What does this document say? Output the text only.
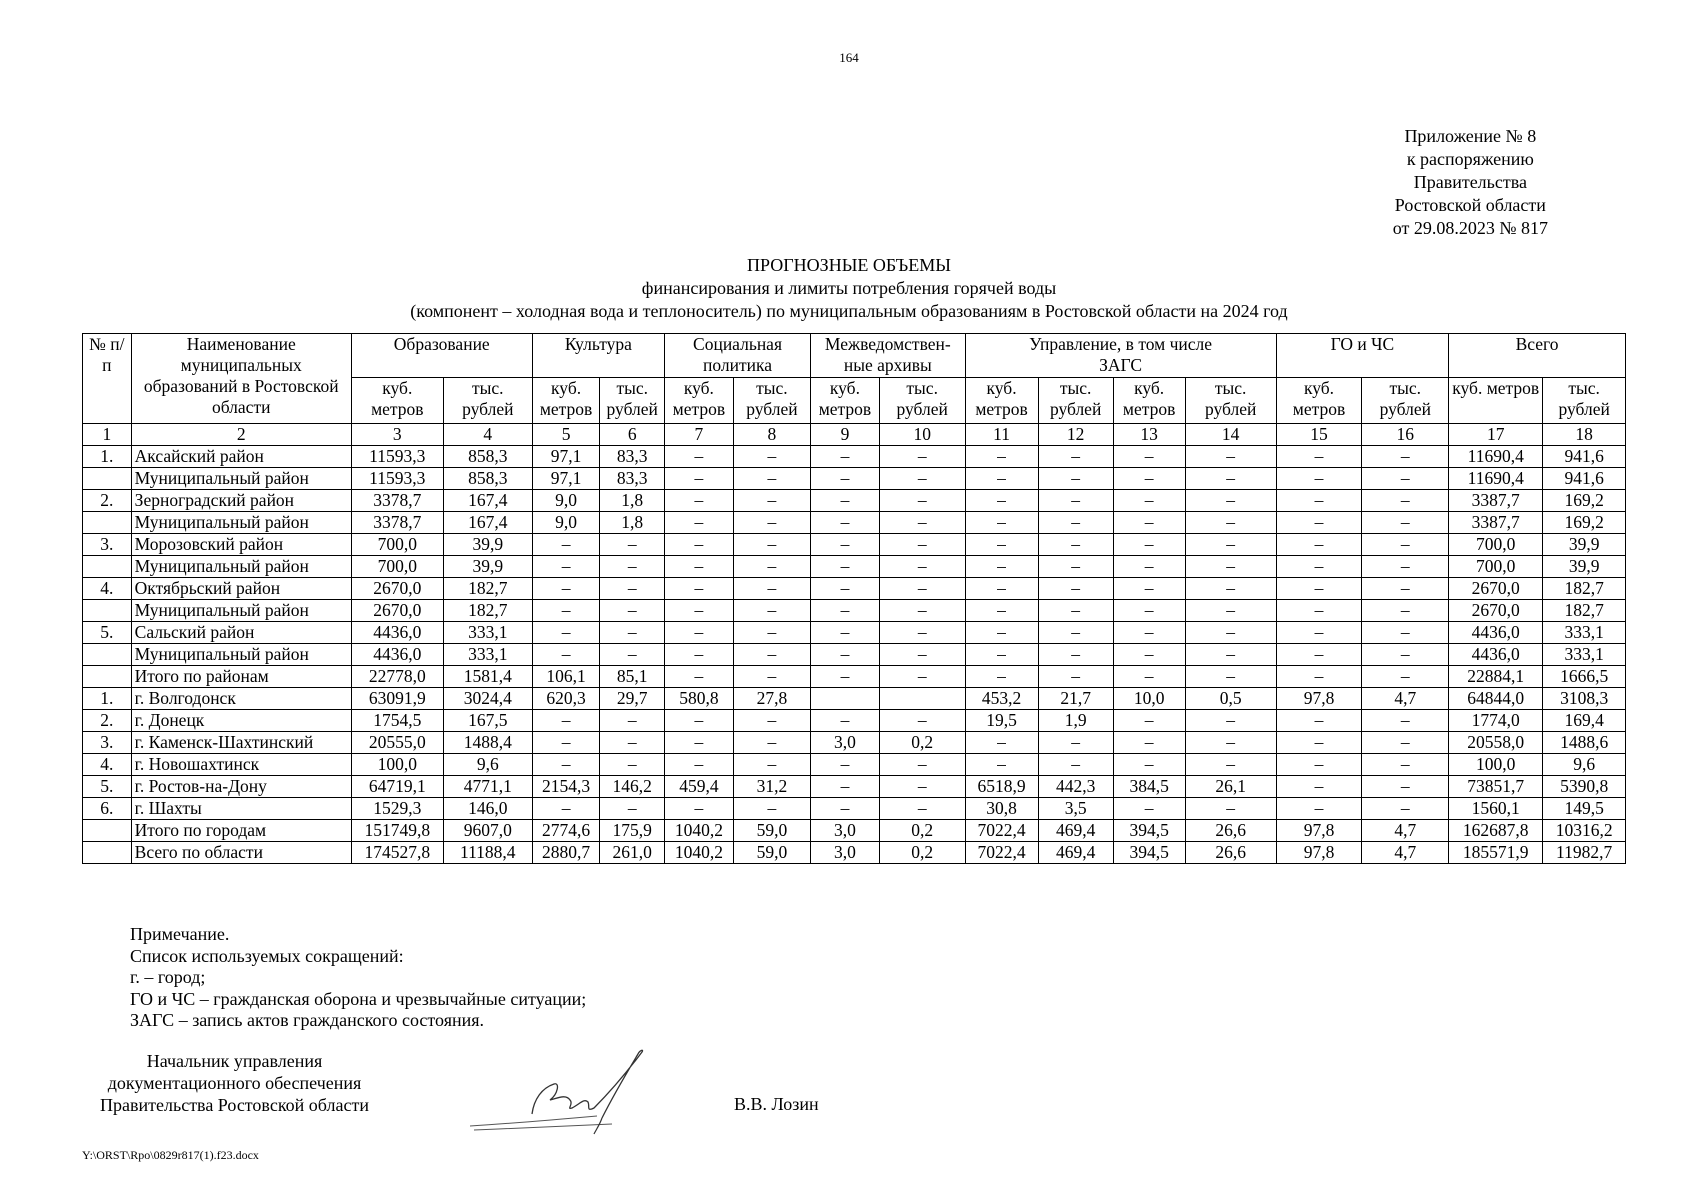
164
Приложение № 8
к распоряжению
Правительства
Ростовской области
от 29.08.2023 № 817
ПРОГНОЗНЫЕ ОБЪЕМЫ
финансирования и лимиты потребления горячей воды
(компонент – холодная вода и теплоноситель) по муниципальным образованиям в Ростовской области на 2024 год
№ п/п	Наименование муниципальных образований в Ростовской области	Образование		Культура		Социальная политика		Межведомствен-ные архивы		Управление, в том числе ЗАГС				ГО и ЧС		Всего	
		куб. метров	тыс. рублей	куб. метров	тыс. рублей	куб. метров	тыс. рублей	куб. метров	тыс. рублей	куб. метров	тыс. рублей	куб. метров	тыс. рублей	куб. метров	тыс. рублей	куб. метров	тыс. рублей
1	2	3	4	5	6	7	8	9	10	11	12	13	14	15	16	17	18
1.	Аксайский район	11593,3	858,3	97,1	83,3	–	–	–	–	–	–	–	–	–	–	11690,4	941,6
	Муниципальный район	11593,3	858,3	97,1	83,3	–	–	–	–	–	–	–	–	–	–	11690,4	941,6
2.	Зерноградский район	3378,7	167,4	9,0	1,8	–	–	–	–	–	–	–	–	–	–	3387,7	169,2
	Муниципальный район	3378,7	167,4	9,0	1,8	–	–	–	–	–	–	–	–	–	–	3387,7	169,2
3.	Морозовский район	700,0	39,9	–	–	–	–	–	–	–	–	–	–	–	–	700,0	39,9
	Муниципальный район	700,0	39,9	–	–	–	–	–	–	–	–	–	–	–	–	700,0	39,9
4.	Октябрьский район	2670,0	182,7	–	–	–	–	–	–	–	–	–	–	–	–	2670,0	182,7
	Муниципальный район	2670,0	182,7	–	–	–	–	–	–	–	–	–	–	–	–	2670,0	182,7
5.	Сальский район	4436,0	333,1	–	–	–	–	–	–	–	–	–	–	–	–	4436,0	333,1
	Муниципальный район	4436,0	333,1	–	–	–	–	–	–	–	–	–	–	–	–	4436,0	333,1
	Итого по районам	22778,0	1581,4	106,1	85,1	–	–	–	–	–	–	–	–	–	–	22884,1	1666,5
1.	г. Волгодонск	63091,9	3024,4	620,3	29,7	580,8	27,8			453,2	21,7	10,0	0,5	97,8	4,7	64844,0	3108,3
2.	г. Донецк	1754,5	167,5	–	–	–	–	–	–	19,5	1,9	–	–	–	–	1774,0	169,4
3.	г. Каменск-Шахтинский	20555,0	1488,4	–	–	–	–	3,0	0,2	–	–	–	–	–	–	20558,0	1488,6
4.	г. Новошахтинск	100,0	9,6	–	–	–	–	–	–	–	–	–	–	–	–	100,0	9,6
5.	г. Ростов-на-Дону	64719,1	4771,1	2154,3	146,2	459,4	31,2	–	–	6518,9	442,3	384,5	26,1	–	–	73851,7	5390,8
6.	г. Шахты	1529,3	146,0	–	–	–	–	–	–	30,8	3,5	–	–	–	–	1560,1	149,5
	Итого по городам	151749,8	9607,0	2774,6	175,9	1040,2	59,0	3,0	0,2	7022,4	469,4	394,5	26,6	97,8	4,7	162687,8	10316,2
	Всего по области	174527,8	11188,4	2880,7	261,0	1040,2	59,0	3,0	0,2	7022,4	469,4	394,5	26,6	97,8	4,7	185571,9	11982,7
Примечание.
Список используемых сокращений:
г. – город;
ГО и ЧС – гражданская оборона и чрезвычайные ситуации;
ЗАГС – запись актов гражданского состояния.
Начальник управления
документационного обеспечения
Правительства Ростовской области	В.В. Лозин
Y:\ORST\Rpo\0829r817(1).f23.docx
